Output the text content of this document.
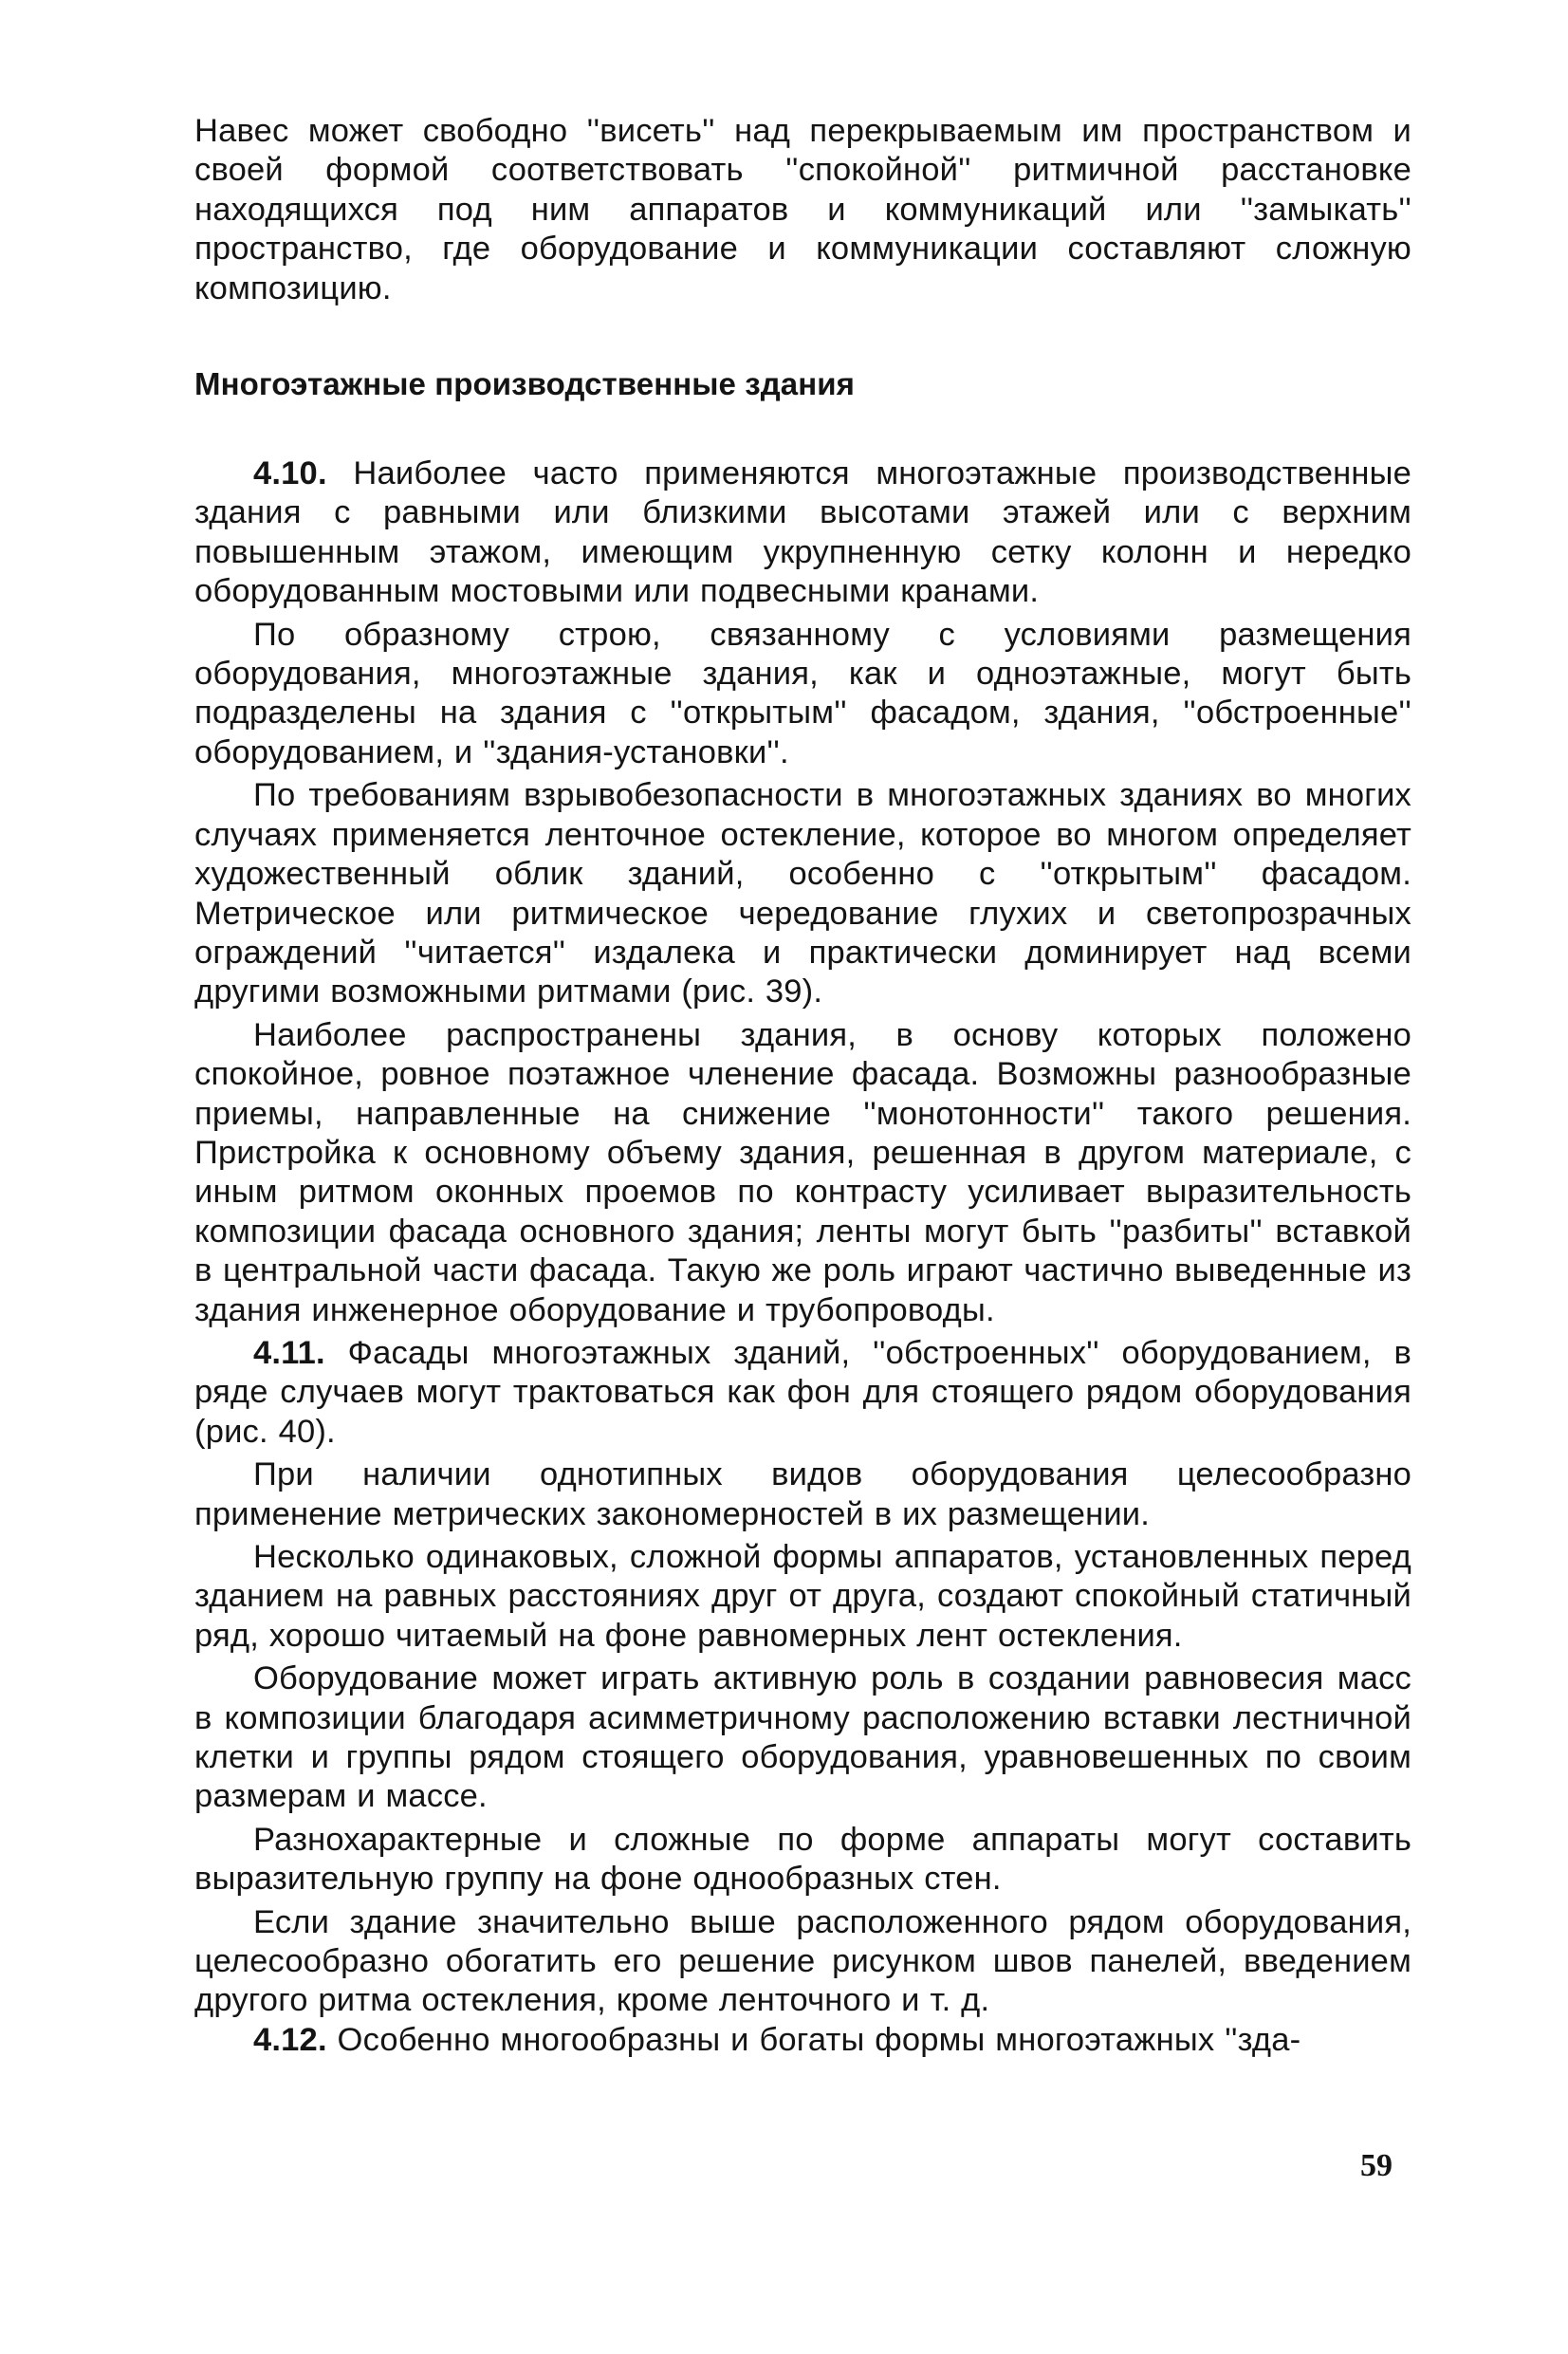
Навес может свободно ''висеть'' над перекрываемым им пространством и своей формой соответствовать ''спокойной'' ритмичной расстановке находящихся под ним аппаратов и коммуникаций или ''замыкать'' пространство, где оборудование и коммуникации составляют сложную композицию.

Многоэтажные производственные здания

4.10. Наиболее часто применяются многоэтажные производственные здания с равными или близкими высотами этажей или с верхним повышенным этажом, имеющим укрупненную сетку колонн и нередко оборудованным мостовыми или подвесными кранами.

По образному строю, связанному с условиями размещения оборудования, многоэтажные здания, как и одноэтажные, могут быть подразделены на здания с ''открытым'' фасадом, здания, ''обстроенные'' оборудованием, и ''здания-установки''.

По требованиям взрывобезопасности в многоэтажных зданиях во многих случаях применяется ленточное остекление, которое во многом определяет художественный облик зданий, особенно с ''открытым'' фасадом. Метрическое или ритмическое чередование глухих и светопрозрачных ограждений ''читается'' издалека и практически доминирует над всеми другими возможными ритмами (рис. 39).

Наиболее распространены здания, в основу которых положено спокойное, ровное поэтажное членение фасада. Возможны разнообразные приемы, направленные на снижение ''монотонности'' такого решения. Пристройка к основному объему здания, решенная в другом материале, с иным ритмом оконных проемов по контрасту усиливает выразительность композиции фасада основного здания; ленты могут быть ''разбиты'' вставкой в центральной части фасада. Такую же роль играют частично выведенные из здания инженерное оборудование и трубопроводы.

4.11. Фасады многоэтажных зданий, ''обстроенных'' оборудованием, в ряде случаев могут трактоваться как фон для стоящего рядом оборудования (рис. 40).

При наличии однотипных видов оборудования целесообразно применение метрических закономерностей в их размещении.

Несколько одинаковых, сложной формы аппаратов, установленных перед зданием на равных расстояниях друг от друга, создают спокойный статичный ряд, хорошо читаемый на фоне равномерных лент остекления.

Оборудование может играть активную роль в создании равновесия масс в композиции благодаря асимметричному расположению вставки лестничной клетки и группы рядом стоящего оборудования, уравновешенных по своим размерам и массе.

Разнохарактерные и сложные по форме аппараты могут составить выразительную группу на фоне однообразных стен.

Если здание значительно выше расположенного рядом оборудования, целесообразно обогатить его решение рисунком швов панелей, введением другого ритма остекления, кроме ленточного и т. д.

4.12. Особенно многообразны и богаты формы многоэтажных ''зда-

59
